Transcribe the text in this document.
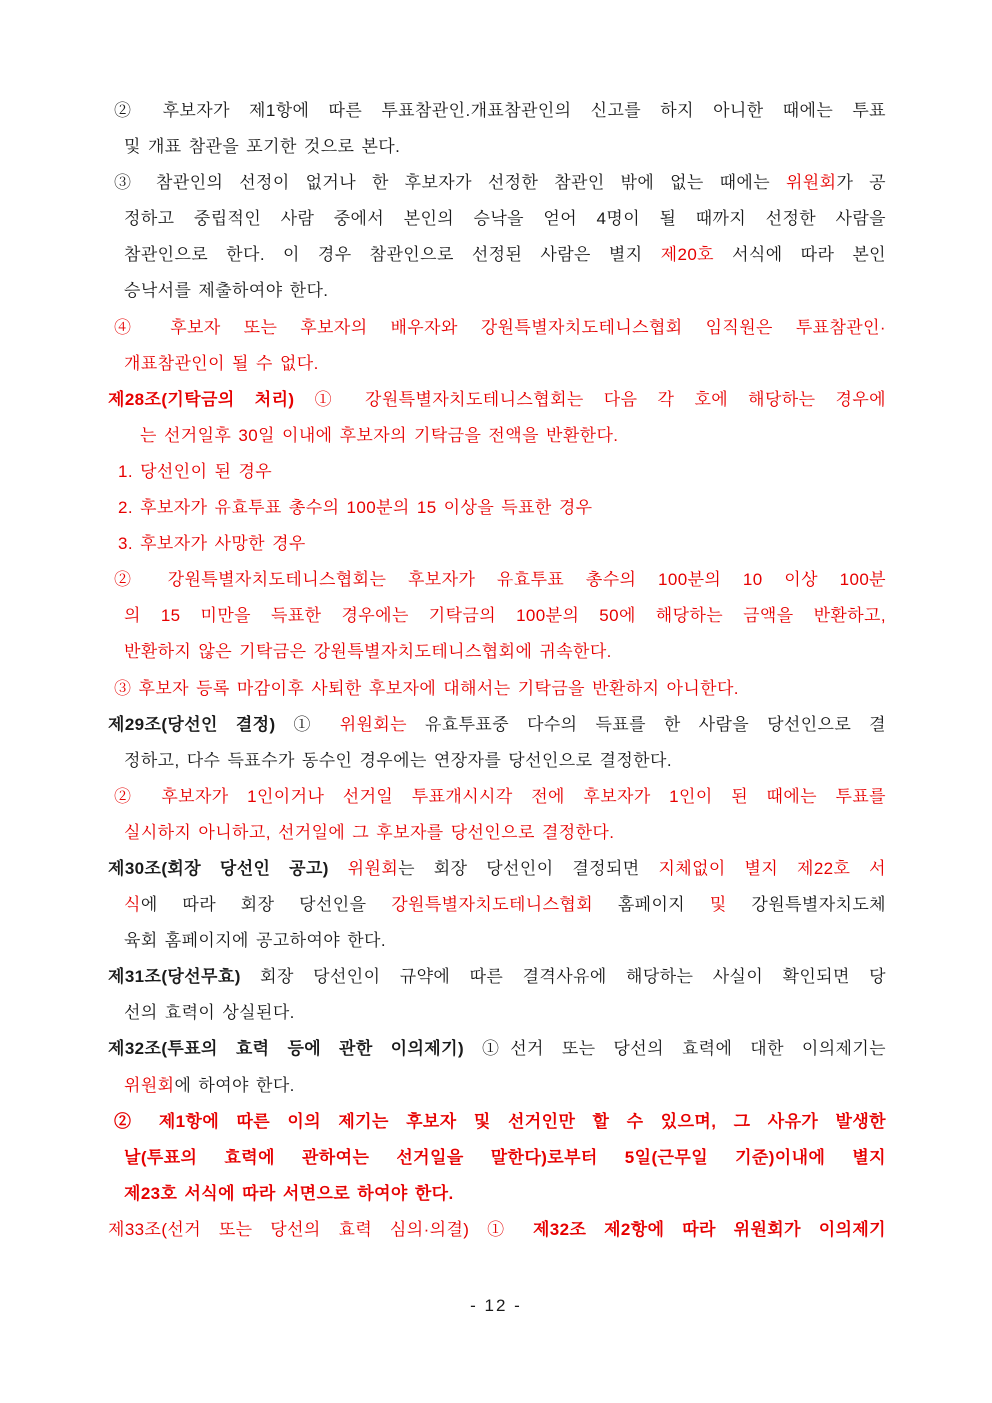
② 후보자가 제1항에 따른 투표참관인.개표참관인의 신고를 하지 아니한 때에는 투표
및 개표 참관을 포기한 것으로 본다.
③ 참관인의 선정이 없거나 한 후보자가 선정한 참관인 밖에 없는 때에는 위원회가 공
정하고 중립적인 사람 중에서 본인의 승낙을 얻어 4명이 될 때까지 선정한 사람을
참관인으로 한다. 이 경우 참관인으로 선정된 사람은 별지 제20호 서식에 따라 본인
승낙서를 제출하여야 한다.
④ 후보자 또는 후보자의 배우자와 강원특별자치도테니스협회 임직원은 투표참관인·
개표참관인이 될 수 없다.
제28조(기탁금의 처리) ① 강원특별자치도테니스협회는 다음 각 호에 해당하는 경우에
는 선거일후 30일 이내에 후보자의 기탁금을 전액을 반환한다.
1. 당선인이 된 경우
2. 후보자가 유효투표 총수의 100분의 15 이상을 득표한 경우
3. 후보자가 사망한 경우
② 강원특별자치도테니스협회는 후보자가 유효투표 총수의 100분의 10 이상 100분
의 15 미만을 득표한 경우에는 기탁금의 100분의 50에 해당하는 금액을 반환하고,
반환하지 않은 기탁금은 강원특별자치도테니스협회에 귀속한다.
③ 후보자 등록 마감이후 사퇴한 후보자에 대해서는 기탁금을 반환하지 아니한다.
제29조(당선인 결정) ① 위원회는 유효투표중 다수의 득표를 한 사람을 당선인으로 결
정하고, 다수 득표수가 동수인 경우에는 연장자를 당선인으로 결정한다.
② 후보자가 1인이거나 선거일 투표개시시각 전에 후보자가 1인이 된 때에는 투표를
실시하지 아니하고, 선거일에 그 후보자를 당선인으로 결정한다.
제30조(회장 당선인 공고) 위원회는 회장 당선인이 결정되면 지체없이 별지 제22호 서
식에 따라 회장 당선인을 강원특별자치도테니스협회 홈페이지 및 강원특별자치도체
육회 홈페이지에 공고하여야 한다.
제31조(당선무효) 회장 당선인이 규약에 따른 결격사유에 해당하는 사실이 확인되면 당
선의 효력이 상실된다.
제32조(투표의 효력 등에 관한 이의제기) ①선거 또는 당선의 효력에 대한 이의제기는
위원회에 하여야 한다.
② 제1항에 따른 이의 제기는 후보자 및 선거인만 할 수 있으며, 그 사유가 발생한
날(투표의 효력에 관하여는 선거일을 말한다)로부터 5일(근무일 기준)이내에 별지
제23호 서식에 따라 서면으로 하여야 한다.
제33조(선거 또는 당선의 효력 심의·의결) ① 제32조 제2항에 따라 위원회가 이의제기
- 12 -
